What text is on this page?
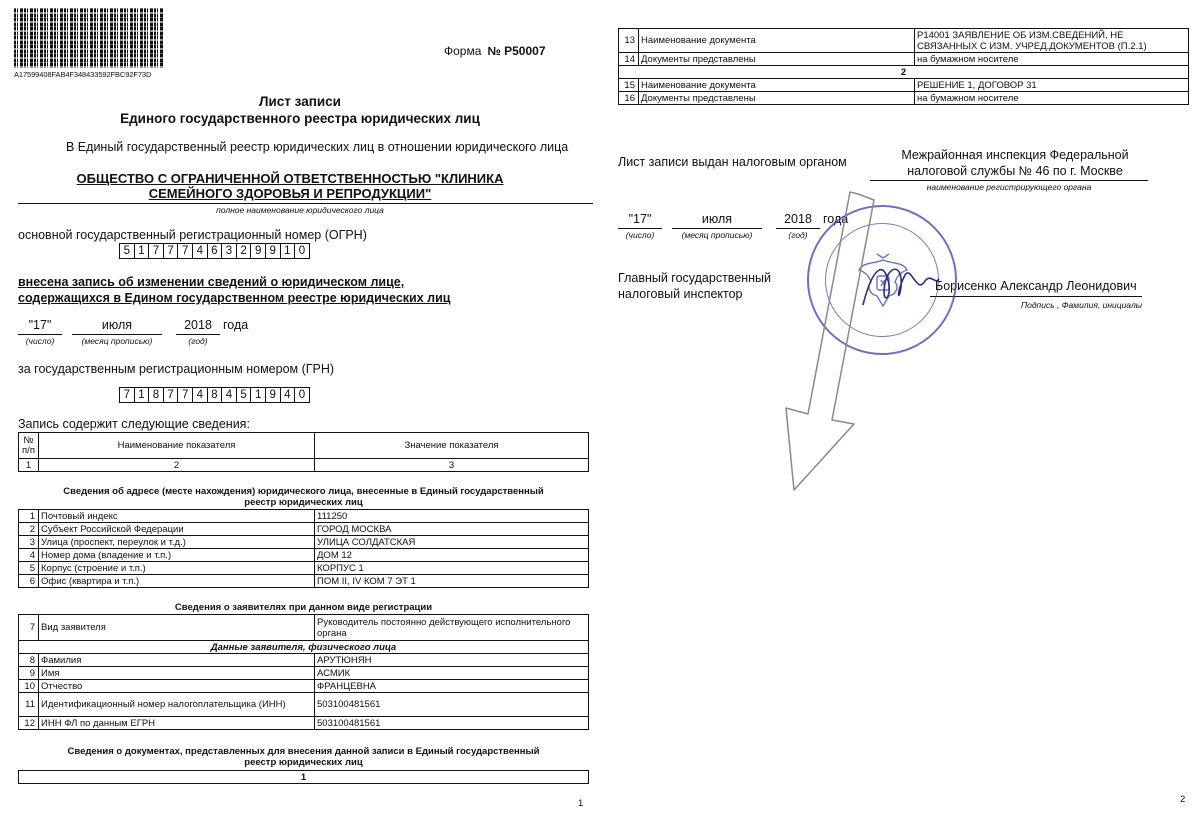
A17599408FAB4F348433592FBC92F73D
Форма № Р50007
Лист записи
Единого государственного реестра юридических лиц
В Единый государственный реестр юридических лиц в отношении юридического лица
ОБЩЕСТВО С ОГРАНИЧЕННОЙ ОТВЕТСТВЕННОСТЬЮ "КЛИНИКА
СЕМЕЙНОГО ЗДОРОВЬЯ И РЕПРОДУКЦИИ"
полное наименование юридического лица
основной государственный регистрационный номер (ОГРН)
5 1 7 7 7 4 6 3 2 9 9 1 0
внесена запись об изменении сведений о юридическом лице,
содержащихся в Едином государственном реестре юридических лиц
"17"	июля	2018 года
(число)	(месяц прописью)	(год)
за государственным регистрационным номером (ГРН)
7 1 8 7 7 4 8 4 5 1 9 4 0
Запись содержит следующие сведения:
№ п/п	Наименование показателя	Значение показателя
1	2	3
Сведения об адресе (месте нахождения) юридического лица, внесенные в Единый государственный
реестр юридических лиц
1	Почтовый индекс	111250
2	Субъект Российской Федерации	ГОРОД МОСКВА
3	Улица (проспект, переулок и т.д.)	УЛИЦА СОЛДАТСКАЯ
4	Номер дома (владение и т.п.)	ДОМ 12
5	Корпус (строение и т.п.)	КОРПУС 1
6	Офис (квартира и т.п.)	ПОМ II, IV КОМ 7 ЭТ 1
Сведения о заявителях при данном виде регистрации
7	Вид заявителя	Руководитель постоянно действующего исполнительного органа
Данные заявителя, физического лица		
8	Фамилия	АРУТЮНЯН
9	Имя	АСМИК
10	Отчество	ФРАНЦЕВНА
11	Идентификационный номер налогоплательщика (ИНН)	503100481561
12	ИНН ФЛ по данным ЕГРН	503100481561
Сведения о документах, представленных для внесения данной записи в Единый государственный
реестр юридических лиц
1
1
13	Наименование документа	Р14001 ЗАЯВЛЕНИЕ ОБ ИЗМ.СВЕДЕНИЙ, НЕ СВЯЗАННЫХ С ИЗМ. УЧРЕД.ДОКУМЕНТОВ (П.2.1)
14	Документы представлены	на бумажном носителе
2		
15	Наименование документа	РЕШЕНИЕ 1, ДОГОВОР 31
16	Документы представлены	на бумажном носителе
Лист записи выдан налоговым органом	Межрайонная инспекция Федеральной
налоговой службы № 46 по г. Москве
наименование регистрирующего органа
"17"	июля	2018 года
(число)	(месяц прописью)	(год)
Главный государственный
налоговый инспектор
Борисенко Александр Леонидович
Подпись , Фамилия, инициалы
2
